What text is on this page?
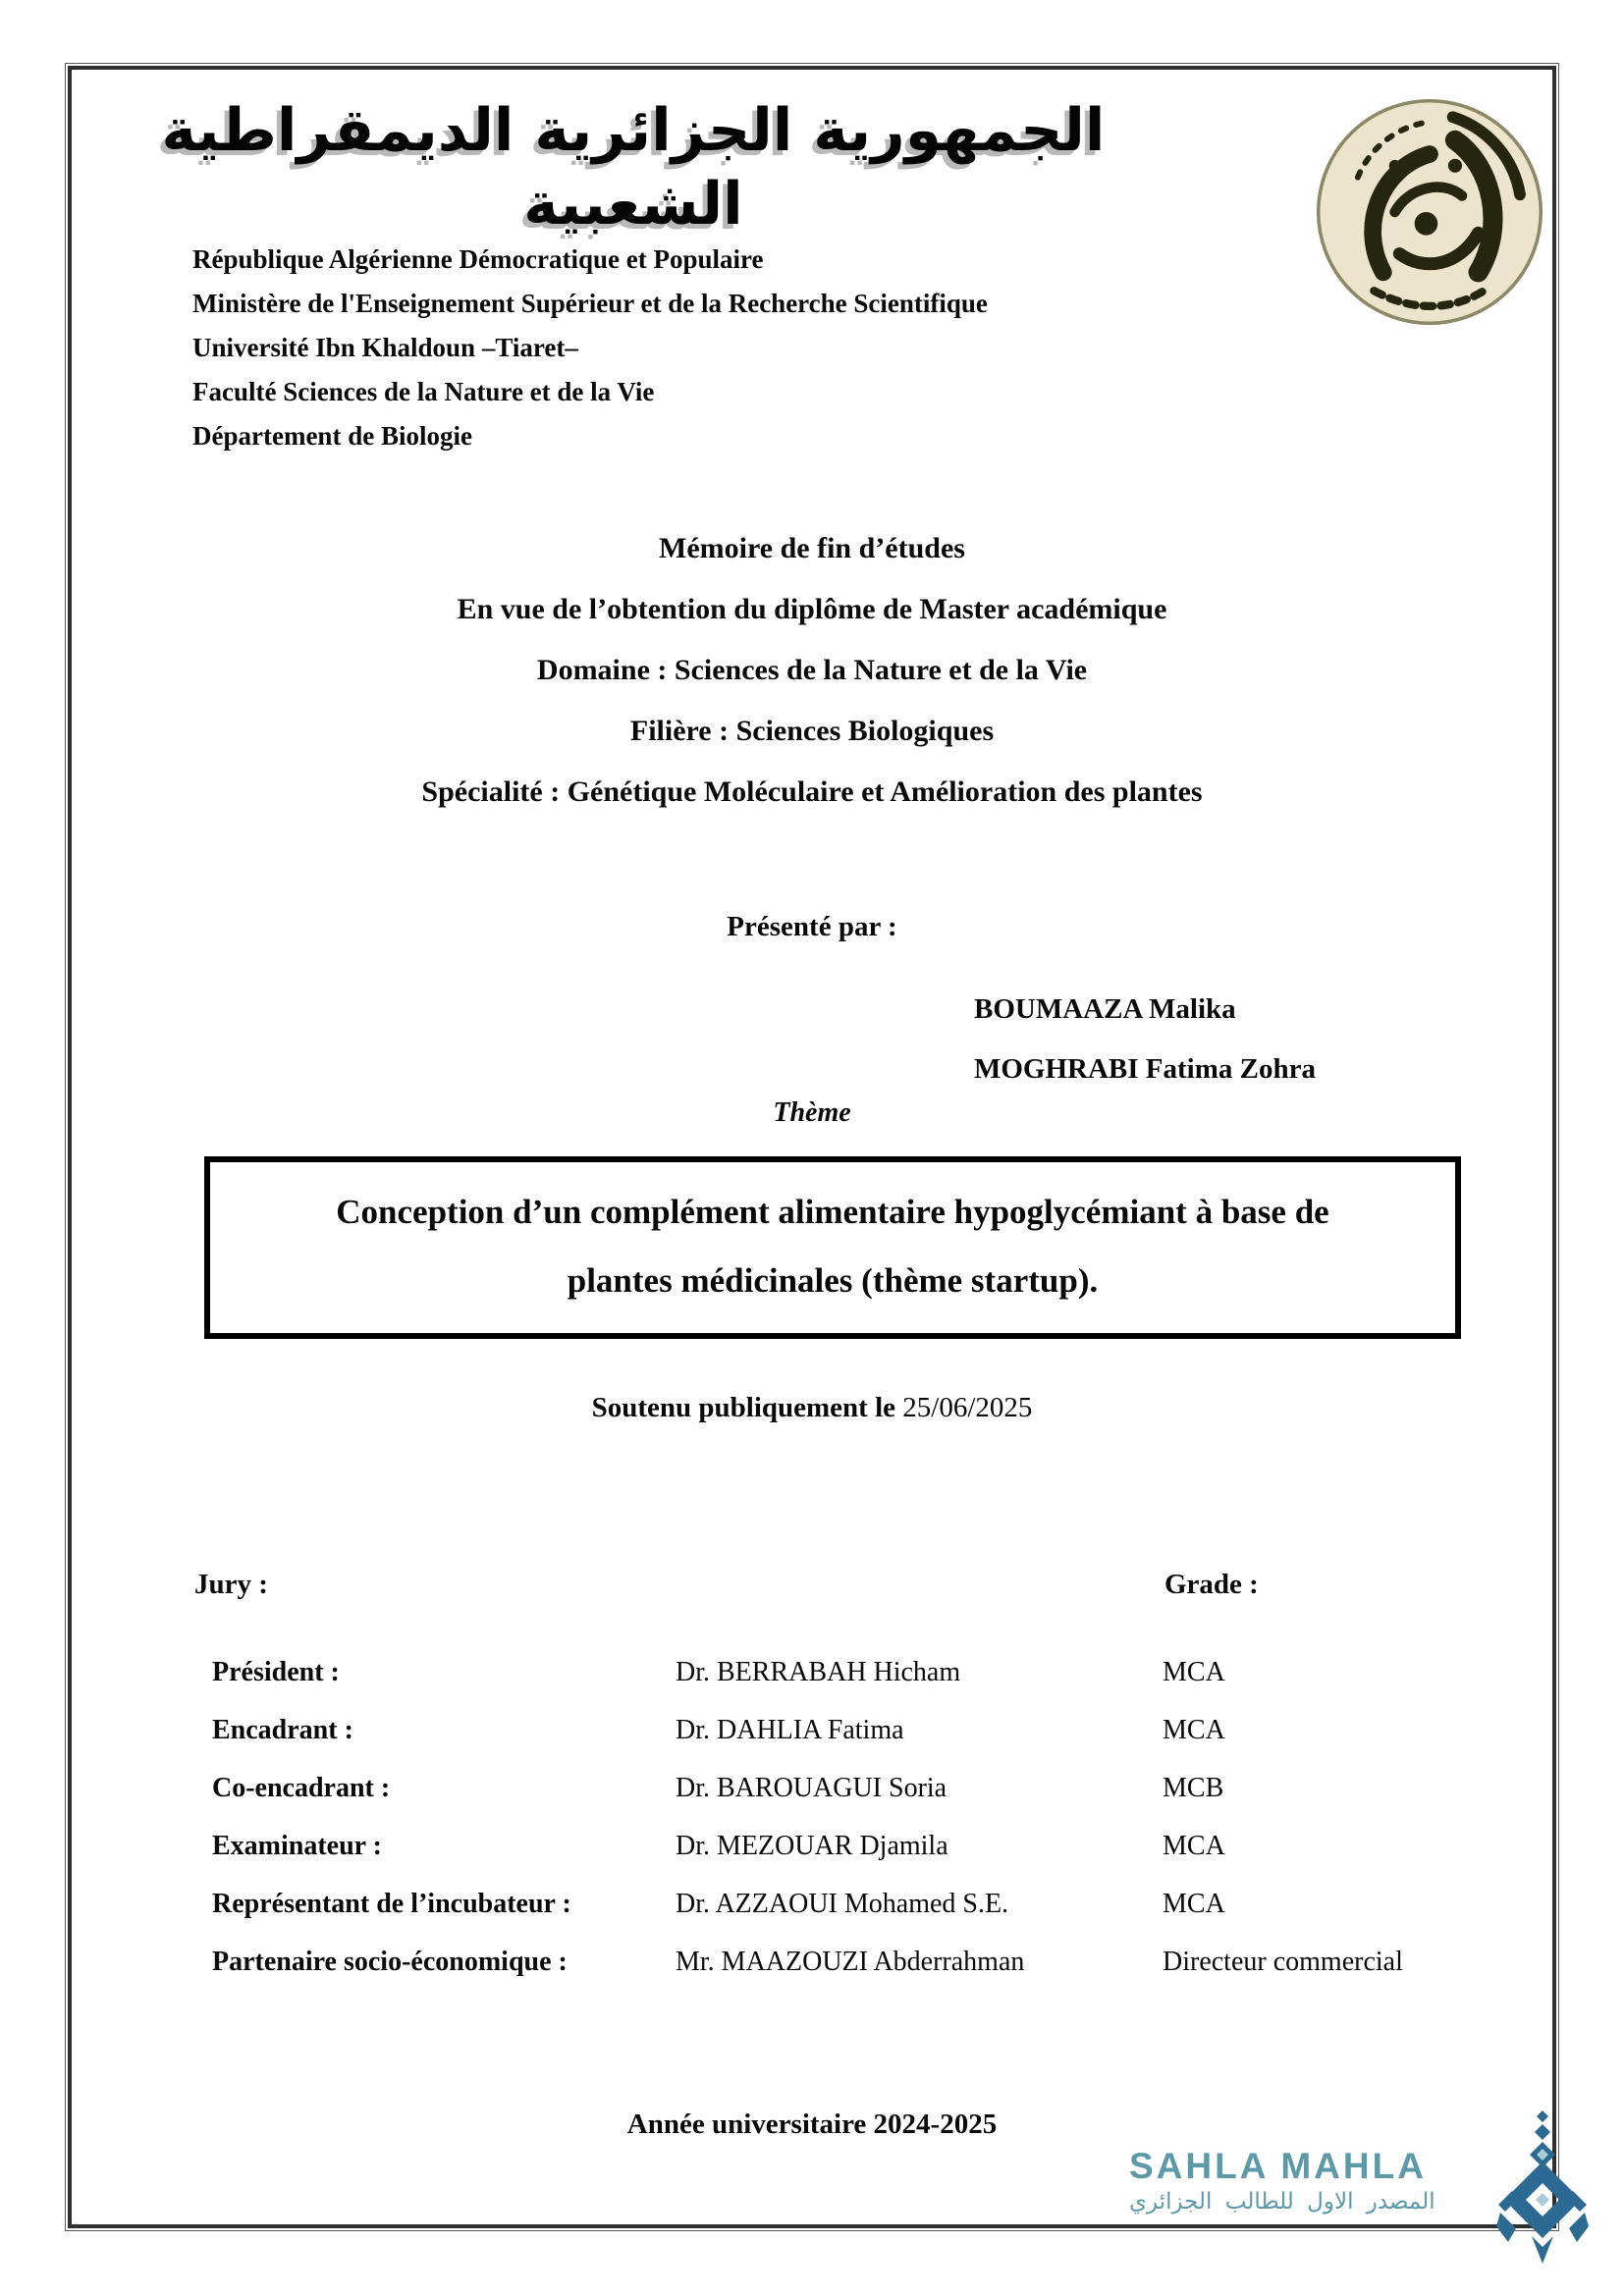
الجمهورية الجزائرية الديمقراطية الشعبية
République Algérienne Démocratique et Populaire
Ministère de l'Enseignement Supérieur et de la Recherche Scientifique
Université Ibn Khaldoun –Tiaret–
Faculté Sciences de la Nature et de la Vie
Département de Biologie
Mémoire de fin d’études
En vue de l’obtention du diplôme de Master académique
Domaine : Sciences de la Nature et de la Vie
Filière : Sciences Biologiques
Spécialité : Génétique Moléculaire et Amélioration des plantes
Présenté par :
BOUMAAZA Malika
MOGHRABI Fatima Zohra
Thème
Conception d’un complément alimentaire hypoglycémiant à base de plantes médicinales (thème startup).
Soutenu publiquement le 25/06/2025
Jury :	Grade :
Président :	Dr. BERRABAH Hicham	MCA
Encadrant :	Dr. DAHLIA Fatima	MCA
Co-encadrant :	Dr. BAROUAGUI Soria	MCB
Examinateur :	Dr. MEZOUAR Djamila	MCA
Représentant de l’incubateur :	Dr. AZZAOUI Mohamed S.E.	MCA
Partenaire socio-économique :	Mr. MAAZOUZI Abderrahman	Directeur commercial
Année universitaire 2024-2025
SAHLA MAHLA
المصدر الاول للطالب الجزائري
